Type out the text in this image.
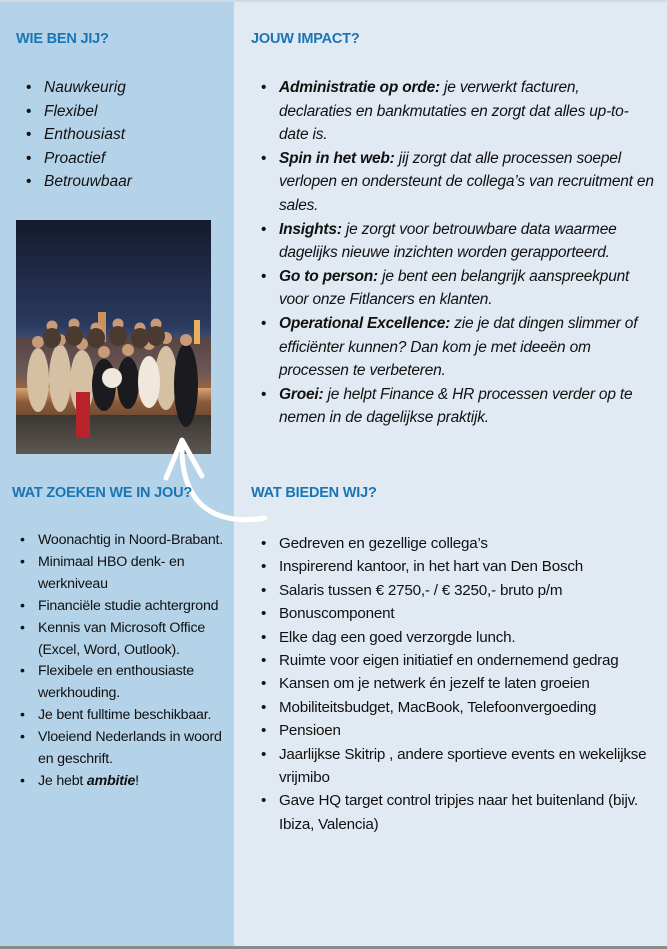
WIE BEN JIJ?
• Nauwkeurig
• Flexibel
• Enthousiast
• Proactief
• Betrouwbaar
JOUW IMPACT?
• Administratie op orde: je verwerkt facturen, declaraties en bankmutaties en zorgt dat alles up-to-date is.
• Spin in het web: jij zorgt dat alle processen soepel verlopen en ondersteunt de collega’s van recruitment en sales.
• Insights: je zorgt voor betrouwbare data waarmee dagelijks nieuwe inzichten worden gerapporteerd.
• Go to person: je bent een belangrijk aanspreekpunt voor onze Fitlancers en klanten.
• Operational Excellence: zie je dat dingen slimmer of efficiënter kunnen? Dan kom je met ideeën om processen te verbeteren.
• Groei: je helpt Finance & HR processen verder op te nemen in de dagelijkse praktijk.
WAT ZOEKEN WE IN JOU?
• Woonachtig in Noord-Brabant.
• Minimaal HBO denk- en werkniveau
• Financiële studie achtergrond
• Kennis van Microsoft Office (Excel, Word, Outlook).
• Flexibele en enthousiaste werkhouding.
• Je bent fulltime beschikbaar.
• Vloeiend Nederlands in woord en geschrift.
• Je hebt ambitie!
WAT BIEDEN WIJ?
• Gedreven en gezellige collega’s
• Inspirerend kantoor, in het hart van Den Bosch
• Salaris tussen € 2750,- / € 3250,- bruto p/m
• Bonuscomponent
• Elke dag een goed verzorgde lunch.
• Ruimte voor eigen initiatief en ondernemend gedrag
• Kansen om je netwerk én jezelf te laten groeien
• Mobiliteitsbudget, MacBook, Telefoonvergoeding
• Pensioen
• Jaarlijkse Skitrip , andere sportieve events en wekelijkse vrijmibo
• Gave HQ target control tripjes naar het buitenland (bijv. Ibiza, Valencia)
